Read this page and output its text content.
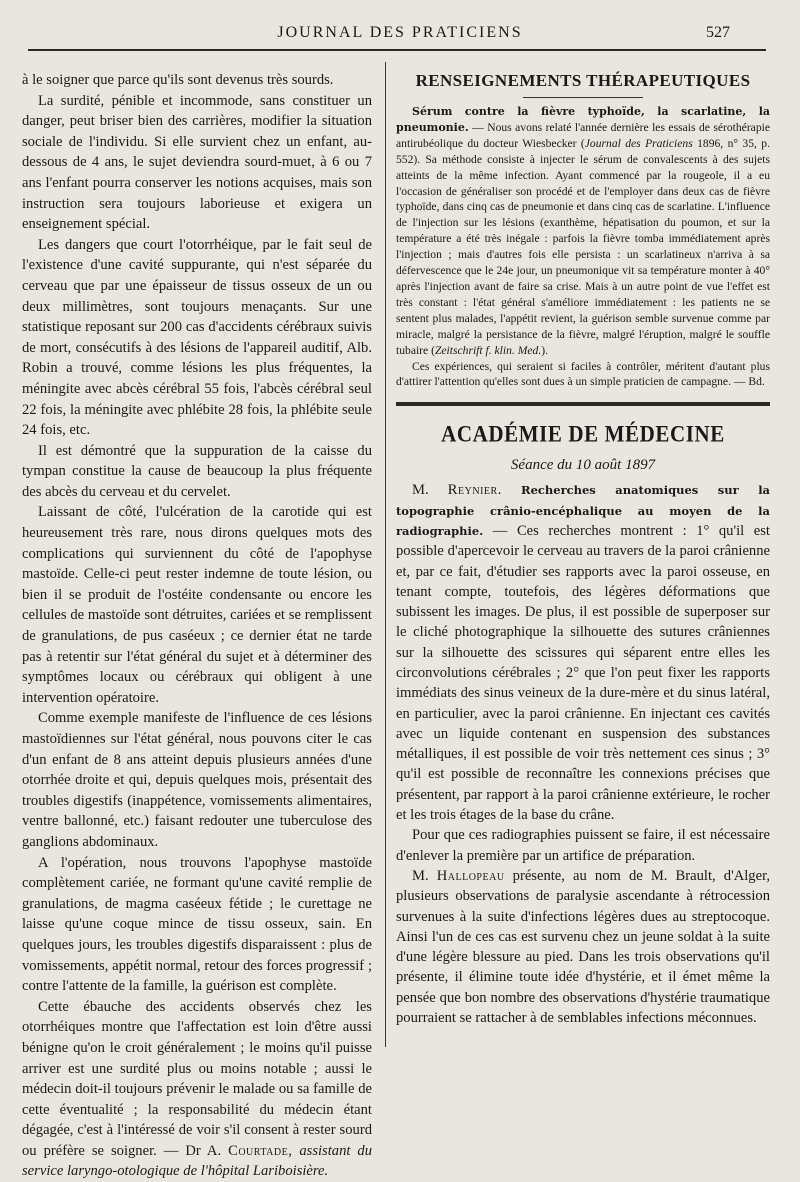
JOURNAL DES PRATICIENS	527

à le soigner que parce qu'ils sont devenus très sourds.

La surdité, pénible et incommode, sans constituer un danger, peut briser bien des carrières, modifier la situation sociale de l'individu. Si elle survient chez un enfant, au-dessous de 4 ans, le sujet deviendra sourd-muet, à 6 ou 7 ans l'enfant pourra conserver les notions acquises, mais son instruction sera toujours laborieuse et exigera un enseignement spécial.

Les dangers que court l'otorrhéique, par le fait seul de l'existence d'une cavité suppurante, qui n'est séparée du cerveau que par une épaisseur de tissus osseux de un ou deux millimètres, sont toujours menaçants. Sur une statistique reposant sur 200 cas d'accidents cérébraux suivis de mort, consécutifs à des lésions de l'appareil auditif, Alb. Robin a trouvé, comme lésions les plus fréquentes, la méningite avec abcès cérébral 55 fois, l'abcès cérébral seul 22 fois, la méningite avec phlébite 28 fois, la phlébite seule 24 fois, etc.

Il est démontré que la suppuration de la caisse du tympan constitue la cause de beaucoup la plus fréquente des abcès du cerveau et du cervelet.

Laissant de côté, l'ulcération de la carotide qui est heureusement très rare, nous dirons quelques mots des complications qui surviennent du côté de l'apophyse mastoïde. Celle-ci peut rester indemne de toute lésion, ou bien il se produit de l'ostéite condensante ou encore les cellules de mastoïde sont détruites, cariées et se remplissent de granulations, de pus caséeux ; ce dernier état ne tarde pas à retentir sur l'état général du sujet et à déterminer des symptômes locaux ou cérébraux qui obligent à une intervention opératoire.

Comme exemple manifeste de l'influence de ces lésions mastoïdiennes sur l'état général, nous pouvons citer le cas d'un enfant de 8 ans atteint depuis plusieurs années d'une otorrhée droite et qui, depuis quelques mois, présentait des troubles digestifs (inappétence, vomissements alimentaires, ventre ballonné, etc.) faisant redouter une tuberculose des ganglions abdominaux.

A l'opération, nous trouvons l'apophyse mastoïde complètement cariée, ne formant qu'une cavité remplie de granulations, de magma caséeux fétide ; le curettage ne laisse qu'une coque mince de tissu osseux, sain. En quelques jours, les troubles digestifs disparaissent : plus de vomissements, appétit normal, retour des forces progressif ; contre l'attente de la famille, la guérison est complète.

Cette ébauche des accidents observés chez les otorrhéiques montre que l'affectation est loin d'être aussi bénigne qu'on le croit généralement ; le moins qu'il puisse arriver est une surdité plus ou moins notable ; aussi le médecin doit-il toujours prévenir le malade ou sa famille de cette éventualité ; la responsabilité du médecin étant dégagée, c'est à l'intéressé de voir s'il consent à rester sourd ou préfère se soigner. — Dr A. Courtade, assistant du service laryngo-otologique de l'hôpital Lariboisière.

RENSEIGNEMENTS THÉRAPEUTIQUES

Sérum contre la fièvre typhoïde, la scarlatine, la pneumonie. — Nous avons relaté l'année dernière les essais de sérothérapie antirubéolique du docteur Wiesbecker (Journal des Praticiens 1896, n° 35, p. 552). Sa méthode consiste à injecter le sérum de convalescents à des sujets atteints de la même infection. Ayant commencé par la rougeole, il a eu l'occasion de généraliser son procédé et de l'employer dans deux cas de fièvre typhoïde, dans cinq cas de pneumonie et dans cinq cas de scarlatine. L'influence de l'injection sur les lésions (exanthème, hépatisation du poumon, et sur la température a été très inégale : parfois la fièvre tomba immédiatement après l'injection ; mais d'autres fois elle persista : un scarlatineux n'arriva à sa défervescence que le 24e jour, un pneumonique vit sa température monter à 40° après l'injection avant de faire sa crise. Mais à un autre point de vue l'effet est très constant : l'état général s'améliore immédiatement : les patients ne se sentent plus malades, l'appétit revient, la guérison semble survenue comme par miracle, malgré la persistance de la fièvre, malgré l'éruption, malgré le souffle tubaire (Zeitschrift f. klin. Med.).

Ces expériences, qui seraient si faciles à contrôler, méritent d'autant plus d'attirer l'attention qu'elles sont dues à un simple praticien de campagne. — Bd.

ACADÉMIE DE MÉDECINE
Séance du 10 août 1897

M. Reynier. Recherches anatomiques sur la topographie crânio-encéphalique au moyen de la radiographie. — Ces recherches montrent : 1° qu'il est possible d'apercevoir le cerveau au travers de la paroi crânienne et, par ce fait, d'étudier ses rapports avec la paroi osseuse, en tenant compte, toutefois, des légères déformations que subissent les images. De plus, il est possible de superposer sur le cliché photographique la silhouette des sutures crâniennes sur la silhouette des scissures qui séparent entre elles les circonvolutions cérébrales ; 2° que l'on peut fixer les rapports immédiats des sinus veineux de la dure-mère et du sinus latéral, en particulier, avec la paroi crânienne. En injectant ces cavités avec un liquide contenant en suspension des substances métalliques, il est possible de voir très nettement ces sinus ; 3° qu'il est possible de reconnaître les connexions précises que présentent, par rapport à la paroi crânienne extérieure, le rocher et les trois étages de la base du crâne.

Pour que ces radiographies puissent se faire, il est nécessaire d'enlever la première par un artifice de préparation.

M. Hallopeau présente, au nom de M. Brault, d'Alger, plusieurs observations de paralysie ascendante à rétrocession survenues à la suite d'infections légères dues au streptocoque. Ainsi l'un de ces cas est survenu chez un jeune soldat à la suite d'une légère blessure au pied. Dans les trois observations qu'il présente, il élimine toute idée d'hystérie, et il émet même la pensée que bon nombre des observations d'hystérie traumatique pourraient se rattacher à de semblables infections méconnues.
